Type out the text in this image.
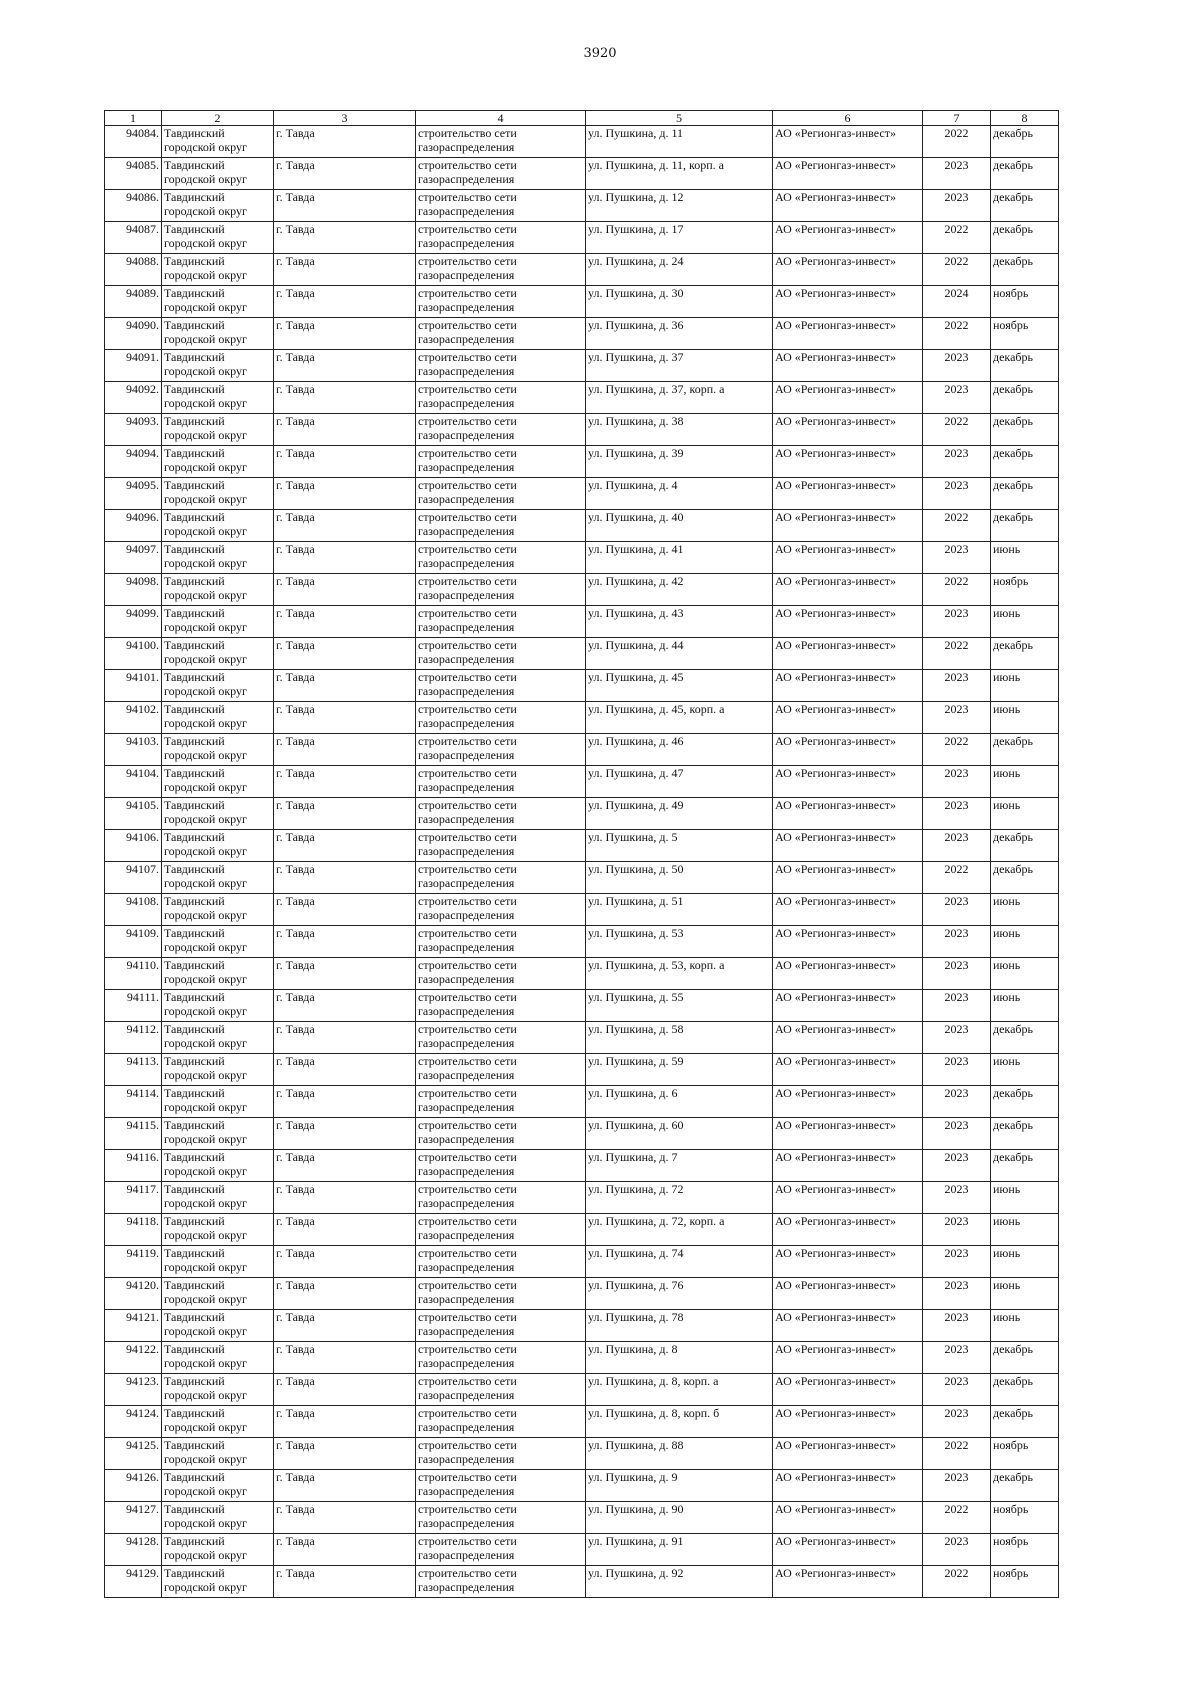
3920
1	2	3	4	5	6	7	8
94084.	Тавдинский
городской округ	г. Тавда	строительство сети
газораспределения	ул. Пушкина, д. 11	АО «Регионгаз-инвест»	2022	декабрь
94085.	Тавдинский
городской округ	г. Тавда	строительство сети
газораспределения	ул. Пушкина, д. 11, корп. а	АО «Регионгаз-инвест»	2023	декабрь
94086.	Тавдинский
городской округ	г. Тавда	строительство сети
газораспределения	ул. Пушкина, д. 12	АО «Регионгаз-инвест»	2023	декабрь
94087.	Тавдинский
городской округ	г. Тавда	строительство сети
газораспределения	ул. Пушкина, д. 17	АО «Регионгаз-инвест»	2022	декабрь
94088.	Тавдинский
городской округ	г. Тавда	строительство сети
газораспределения	ул. Пушкина, д. 24	АО «Регионгаз-инвест»	2022	декабрь
94089.	Тавдинский
городской округ	г. Тавда	строительство сети
газораспределения	ул. Пушкина, д. 30	АО «Регионгаз-инвест»	2024	ноябрь
94090.	Тавдинский
городской округ	г. Тавда	строительство сети
газораспределения	ул. Пушкина, д. 36	АО «Регионгаз-инвест»	2022	ноябрь
94091.	Тавдинский
городской округ	г. Тавда	строительство сети
газораспределения	ул. Пушкина, д. 37	АО «Регионгаз-инвест»	2023	декабрь
94092.	Тавдинский
городской округ	г. Тавда	строительство сети
газораспределения	ул. Пушкина, д. 37, корп. а	АО «Регионгаз-инвест»	2023	декабрь
94093.	Тавдинский
городской округ	г. Тавда	строительство сети
газораспределения	ул. Пушкина, д. 38	АО «Регионгаз-инвест»	2022	декабрь
94094.	Тавдинский
городской округ	г. Тавда	строительство сети
газораспределения	ул. Пушкина, д. 39	АО «Регионгаз-инвест»	2023	декабрь
94095.	Тавдинский
городской округ	г. Тавда	строительство сети
газораспределения	ул. Пушкина, д. 4	АО «Регионгаз-инвест»	2023	декабрь
94096.	Тавдинский
городской округ	г. Тавда	строительство сети
газораспределения	ул. Пушкина, д. 40	АО «Регионгаз-инвест»	2022	декабрь
94097.	Тавдинский
городской округ	г. Тавда	строительство сети
газораспределения	ул. Пушкина, д. 41	АО «Регионгаз-инвест»	2023	июнь
94098.	Тавдинский
городской округ	г. Тавда	строительство сети
газораспределения	ул. Пушкина, д. 42	АО «Регионгаз-инвест»	2022	ноябрь
94099.	Тавдинский
городской округ	г. Тавда	строительство сети
газораспределения	ул. Пушкина, д. 43	АО «Регионгаз-инвест»	2023	июнь
94100.	Тавдинский
городской округ	г. Тавда	строительство сети
газораспределения	ул. Пушкина, д. 44	АО «Регионгаз-инвест»	2022	декабрь
94101.	Тавдинский
городской округ	г. Тавда	строительство сети
газораспределения	ул. Пушкина, д. 45	АО «Регионгаз-инвест»	2023	июнь
94102.	Тавдинский
городской округ	г. Тавда	строительство сети
газораспределения	ул. Пушкина, д. 45, корп. а	АО «Регионгаз-инвест»	2023	июнь
94103.	Тавдинский
городской округ	г. Тавда	строительство сети
газораспределения	ул. Пушкина, д. 46	АО «Регионгаз-инвест»	2022	декабрь
94104.	Тавдинский
городской округ	г. Тавда	строительство сети
газораспределения	ул. Пушкина, д. 47	АО «Регионгаз-инвест»	2023	июнь
94105.	Тавдинский
городской округ	г. Тавда	строительство сети
газораспределения	ул. Пушкина, д. 49	АО «Регионгаз-инвест»	2023	июнь
94106.	Тавдинский
городской округ	г. Тавда	строительство сети
газораспределения	ул. Пушкина, д. 5	АО «Регионгаз-инвест»	2023	декабрь
94107.	Тавдинский
городской округ	г. Тавда	строительство сети
газораспределения	ул. Пушкина, д. 50	АО «Регионгаз-инвест»	2022	декабрь
94108.	Тавдинский
городской округ	г. Тавда	строительство сети
газораспределения	ул. Пушкина, д. 51	АО «Регионгаз-инвест»	2023	июнь
94109.	Тавдинский
городской округ	г. Тавда	строительство сети
газораспределения	ул. Пушкина, д. 53	АО «Регионгаз-инвест»	2023	июнь
94110.	Тавдинский
городской округ	г. Тавда	строительство сети
газораспределения	ул. Пушкина, д. 53, корп. а	АО «Регионгаз-инвест»	2023	июнь
94111.	Тавдинский
городской округ	г. Тавда	строительство сети
газораспределения	ул. Пушкина, д. 55	АО «Регионгаз-инвест»	2023	июнь
94112.	Тавдинский
городской округ	г. Тавда	строительство сети
газораспределения	ул. Пушкина, д. 58	АО «Регионгаз-инвест»	2023	декабрь
94113.	Тавдинский
городской округ	г. Тавда	строительство сети
газораспределения	ул. Пушкина, д. 59	АО «Регионгаз-инвест»	2023	июнь
94114.	Тавдинский
городской округ	г. Тавда	строительство сети
газораспределения	ул. Пушкина, д. 6	АО «Регионгаз-инвест»	2023	декабрь
94115.	Тавдинский
городской округ	г. Тавда	строительство сети
газораспределения	ул. Пушкина, д. 60	АО «Регионгаз-инвест»	2023	декабрь
94116.	Тавдинский
городской округ	г. Тавда	строительство сети
газораспределения	ул. Пушкина, д. 7	АО «Регионгаз-инвест»	2023	декабрь
94117.	Тавдинский
городской округ	г. Тавда	строительство сети
газораспределения	ул. Пушкина, д. 72	АО «Регионгаз-инвест»	2023	июнь
94118.	Тавдинский
городской округ	г. Тавда	строительство сети
газораспределения	ул. Пушкина, д. 72, корп. а	АО «Регионгаз-инвест»	2023	июнь
94119.	Тавдинский
городской округ	г. Тавда	строительство сети
газораспределения	ул. Пушкина, д. 74	АО «Регионгаз-инвест»	2023	июнь
94120.	Тавдинский
городской округ	г. Тавда	строительство сети
газораспределения	ул. Пушкина, д. 76	АО «Регионгаз-инвест»	2023	июнь
94121.	Тавдинский
городской округ	г. Тавда	строительство сети
газораспределения	ул. Пушкина, д. 78	АО «Регионгаз-инвест»	2023	июнь
94122.	Тавдинский
городской округ	г. Тавда	строительство сети
газораспределения	ул. Пушкина, д. 8	АО «Регионгаз-инвест»	2023	декабрь
94123.	Тавдинский
городской округ	г. Тавда	строительство сети
газораспределения	ул. Пушкина, д. 8, корп. а	АО «Регионгаз-инвест»	2023	декабрь
94124.	Тавдинский
городской округ	г. Тавда	строительство сети
газораспределения	ул. Пушкина, д. 8, корп. б	АО «Регионгаз-инвест»	2023	декабрь
94125.	Тавдинский
городской округ	г. Тавда	строительство сети
газораспределения	ул. Пушкина, д. 88	АО «Регионгаз-инвест»	2022	ноябрь
94126.	Тавдинский
городской округ	г. Тавда	строительство сети
газораспределения	ул. Пушкина, д. 9	АО «Регионгаз-инвест»	2023	декабрь
94127.	Тавдинский
городской округ	г. Тавда	строительство сети
газораспределения	ул. Пушкина, д. 90	АО «Регионгаз-инвест»	2022	ноябрь
94128.	Тавдинский
городской округ	г. Тавда	строительство сети
газораспределения	ул. Пушкина, д. 91	АО «Регионгаз-инвест»	2023	ноябрь
94129.	Тавдинский
городской округ	г. Тавда	строительство сети
газораспределения	ул. Пушкина, д. 92	АО «Регионгаз-инвест»	2022	ноябрь
